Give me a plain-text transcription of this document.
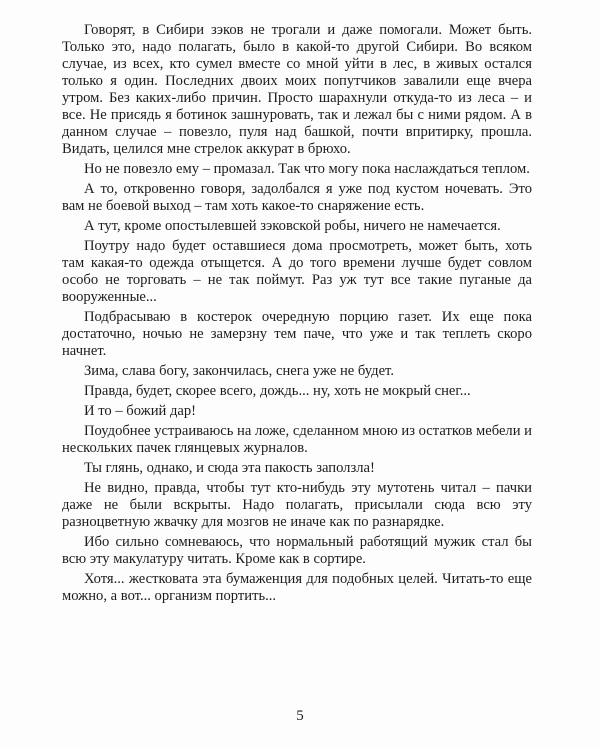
Говорят, в Сибири зэков не трогали и даже помогали. Может быть. Только это, надо полагать, было в какой-то другой Сибири. Во всяком случае, из всех, кто сумел вместе со мной уйти в лес, в живых остался только я один. Последних двоих моих попутчиков завалили еще вчера утром. Без каких-либо причин. Просто шарахнули откуда-то из леса – и все. Не присядь я ботинок зашнуровать, так и лежал бы с ними рядом. А в данном случае – повезло, пуля над башкой, почти впритирку, прошла. Видать, целился мне стрелок аккурат в брюхо.

Но не повезло ему – промазал. Так что могу пока наслаждаться теплом.

А то, откровенно говоря, задолбался я уже под кустом ночевать. Это вам не боевой выход – там хоть какое-то снаряжение есть.

А тут, кроме опостылевшей зэковской робы, ничего не намечается.

Поутру надо будет оставшиеся дома просмотреть, может быть, хоть там какая-то одежда отыщется. А до того времени лучше будет совлом особо не торговать – не так поймут. Раз уж тут все такие пуганые да вооруженные...

Подбрасываю в костерок очередную порцию газет. Их еще пока достаточно, ночью не замерзну тем паче, что уже и так теплеть скоро начнет.

Зима, слава богу, закончилась, снега уже не будет.

Правда, будет, скорее всего, дождь... ну, хоть не мокрый снег...

И то – божий дар!

Поудобнее устраиваюсь на ложе, сделанном мною из остатков мебели и нескольких пачек глянцевых журналов.

Ты глянь, однако, и сюда эта пакость заползла!

Не видно, правда, чтобы тут кто-нибудь эту мутотень читал – пачки даже не были вскрыты. Надо полагать, присылали сюда всю эту разноцветную жвачку для мозгов не иначе как по разнарядке.

Ибо сильно сомневаюсь, что нормальный работящий мужик стал бы всю эту макулатуру читать. Кроме как в сортире.

Хотя... жестковата эта бумаженция для подобных целей. Читать-то еще можно, а вот... организм портить...

5
